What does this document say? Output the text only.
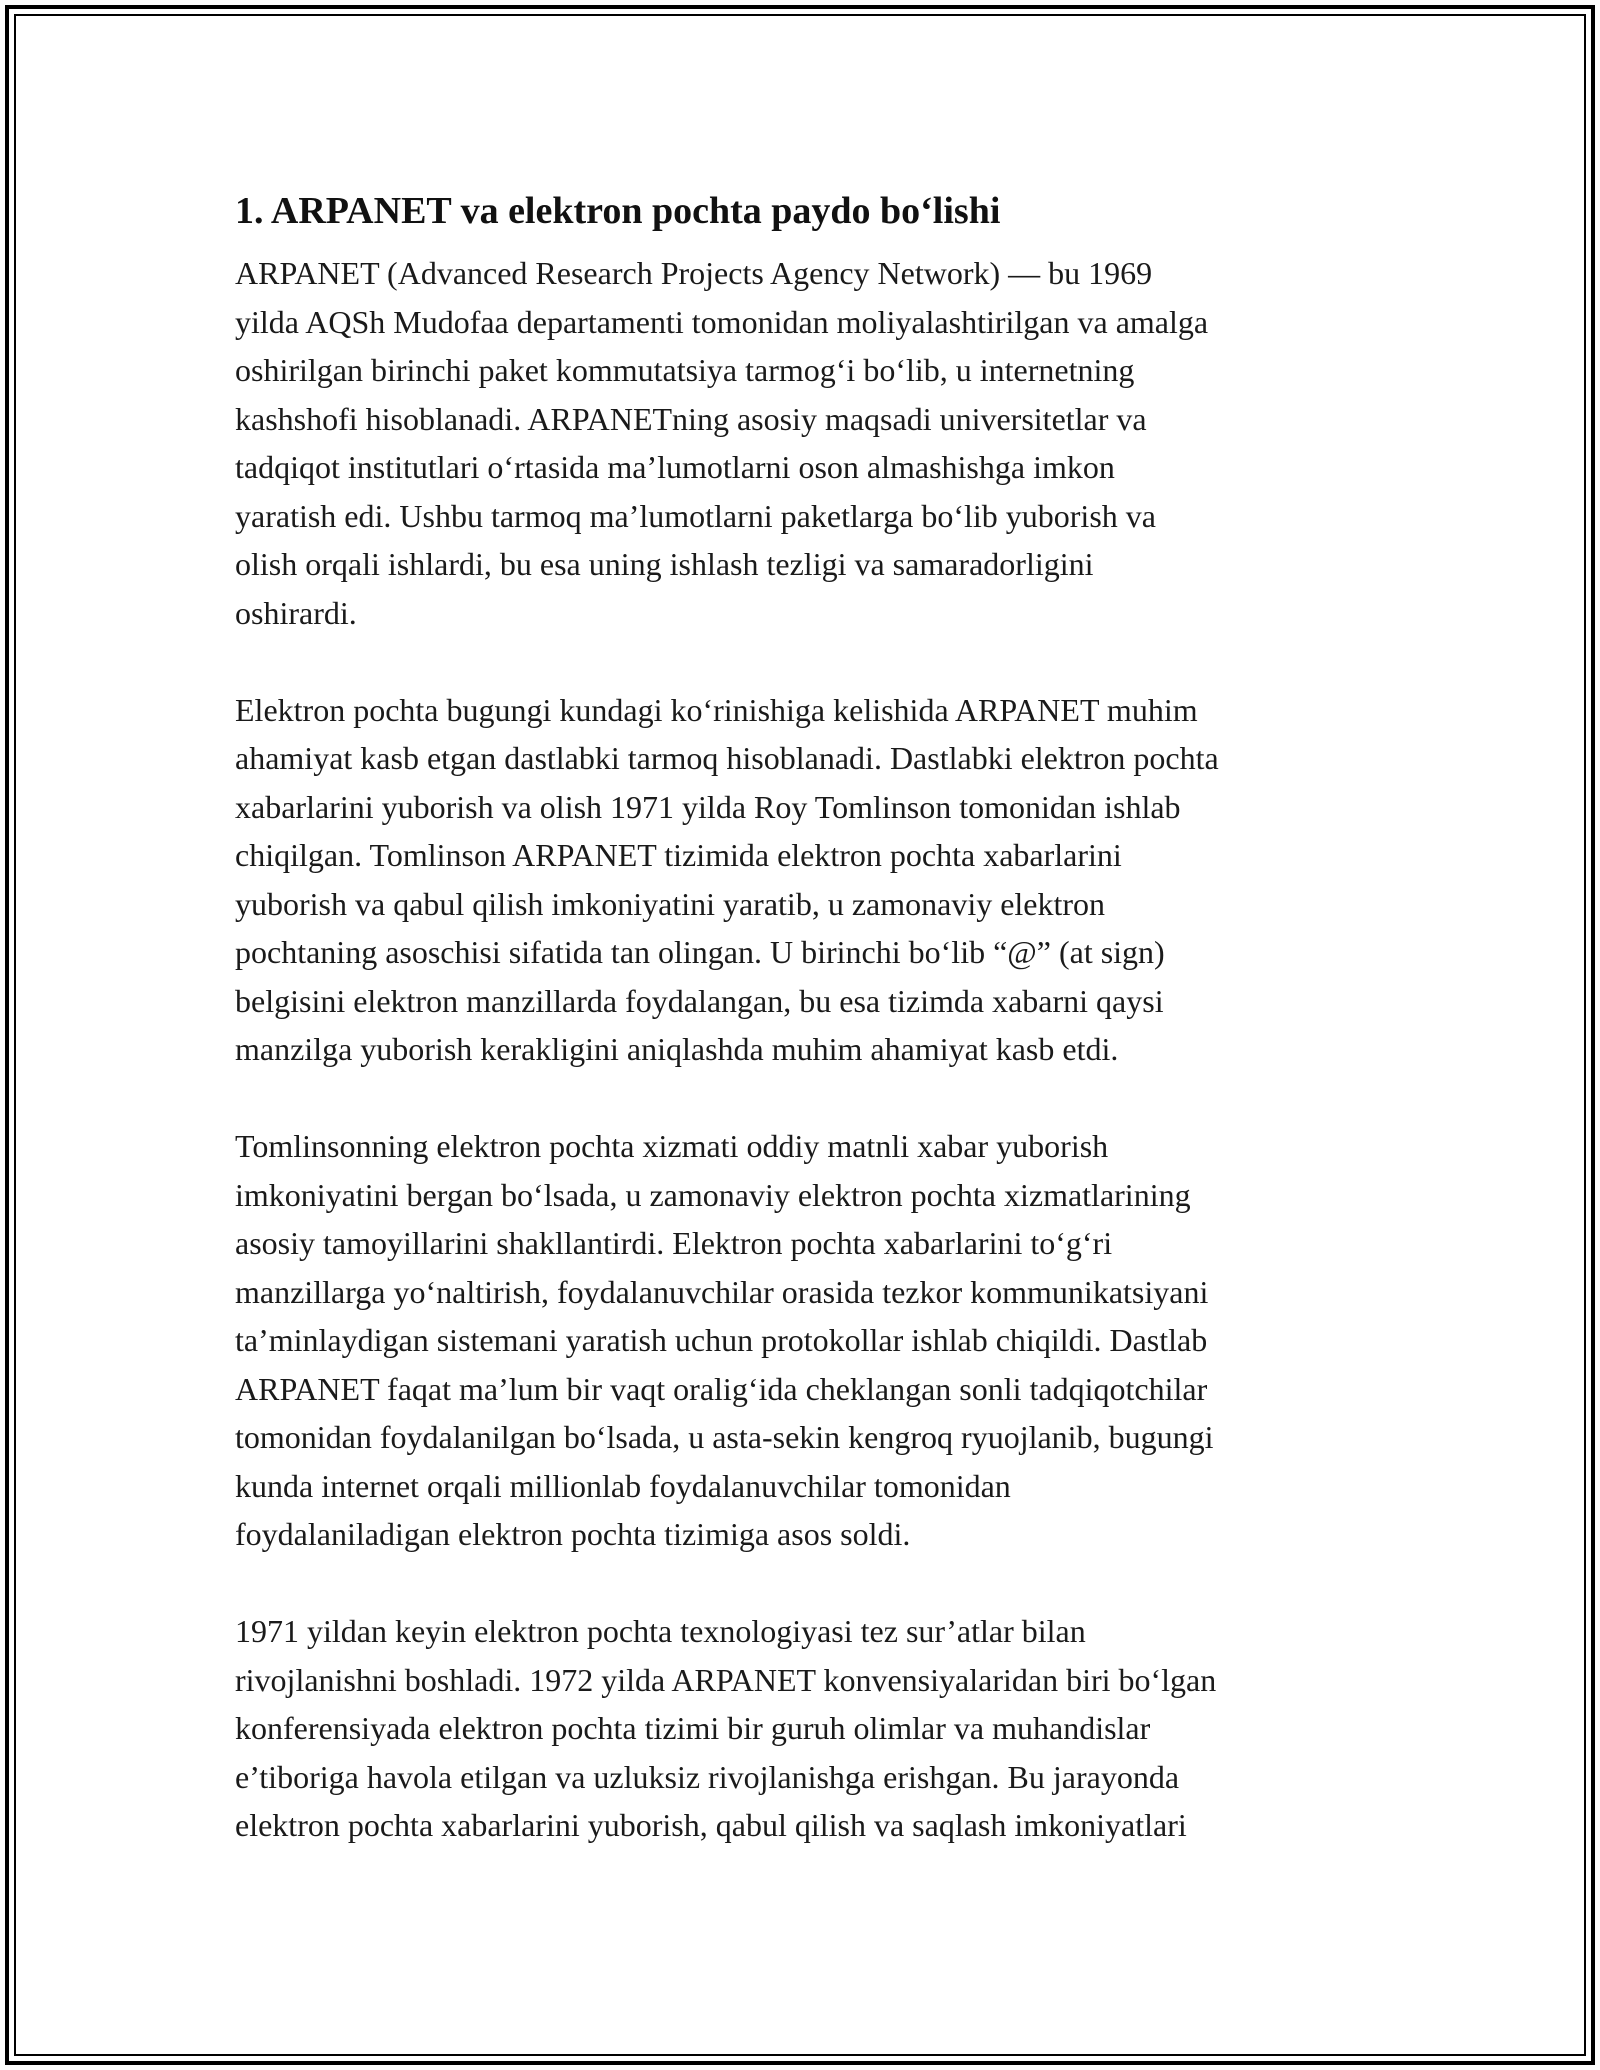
1. ARPANET va elektron pochta paydo bo‘lishi

ARPANET (Advanced Research Projects Agency Network) — bu 1969
yilda AQSh Mudofaa departamenti tomonidan moliyalashtirilgan va amalga
oshirilgan birinchi paket kommutatsiya tarmog‘i bo‘lib, u internetning
kashshofi hisoblanadi. ARPANETning asosiy maqsadi universitetlar va
tadqiqot institutlari o‘rtasida ma’lumotlarni oson almashishga imkon
yaratish edi. Ushbu tarmoq ma’lumotlarni paketlarga bo‘lib yuborish va
olish orqali ishlardi, bu esa uning ishlash tezligi va samaradorligini
oshirardi.

Elektron pochta bugungi kundagi ko‘rinishiga kelishida ARPANET muhim
ahamiyat kasb etgan dastlabki tarmoq hisoblanadi. Dastlabki elektron pochta
xabarlarini yuborish va olish 1971 yilda Roy Tomlinson tomonidan ishlab
chiqilgan. Tomlinson ARPANET tizimida elektron pochta xabarlarini
yuborish va qabul qilish imkoniyatini yaratib, u zamonaviy elektron
pochtaning asoschisi sifatida tan olingan. U birinchi bo‘lib “@” (at sign)
belgisini elektron manzillarda foydalangan, bu esa tizimda xabarni qaysi
manzilga yuborish kerakligini aniqlashda muhim ahamiyat kasb etdi.

Tomlinsonning elektron pochta xizmati oddiy matnli xabar yuborish
imkoniyatini bergan bo‘lsada, u zamonaviy elektron pochta xizmatlarining
asosiy tamoyillarini shakllantirdi. Elektron pochta xabarlarini to‘g‘ri
manzillarga yo‘naltirish, foydalanuvchilar orasida tezkor kommunikatsiyani
ta’minlaydigan sistemani yaratish uchun protokollar ishlab chiqildi. Dastlab
ARPANET faqat ma’lum bir vaqt oralig‘ida cheklangan sonli tadqiqotchilar
tomonidan foydalanilgan bo‘lsada, u asta-sekin kengroq ryuojlanib, bugungi
kunda internet orqali millionlab foydalanuvchilar tomonidan
foydalaniladigan elektron pochta tizimiga asos soldi.

1971 yildan keyin elektron pochta texnologiyasi tez sur’atlar bilan
rivojlanishni boshladi. 1972 yilda ARPANET konvensiyalaridan biri bo‘lgan
konferensiyada elektron pochta tizimi bir guruh olimlar va muhandislar
e’tiboriga havola etilgan va uzluksiz rivojlanishga erishgan. Bu jarayonda
elektron pochta xabarlarini yuborish, qabul qilish va saqlash imkoniyatlari
